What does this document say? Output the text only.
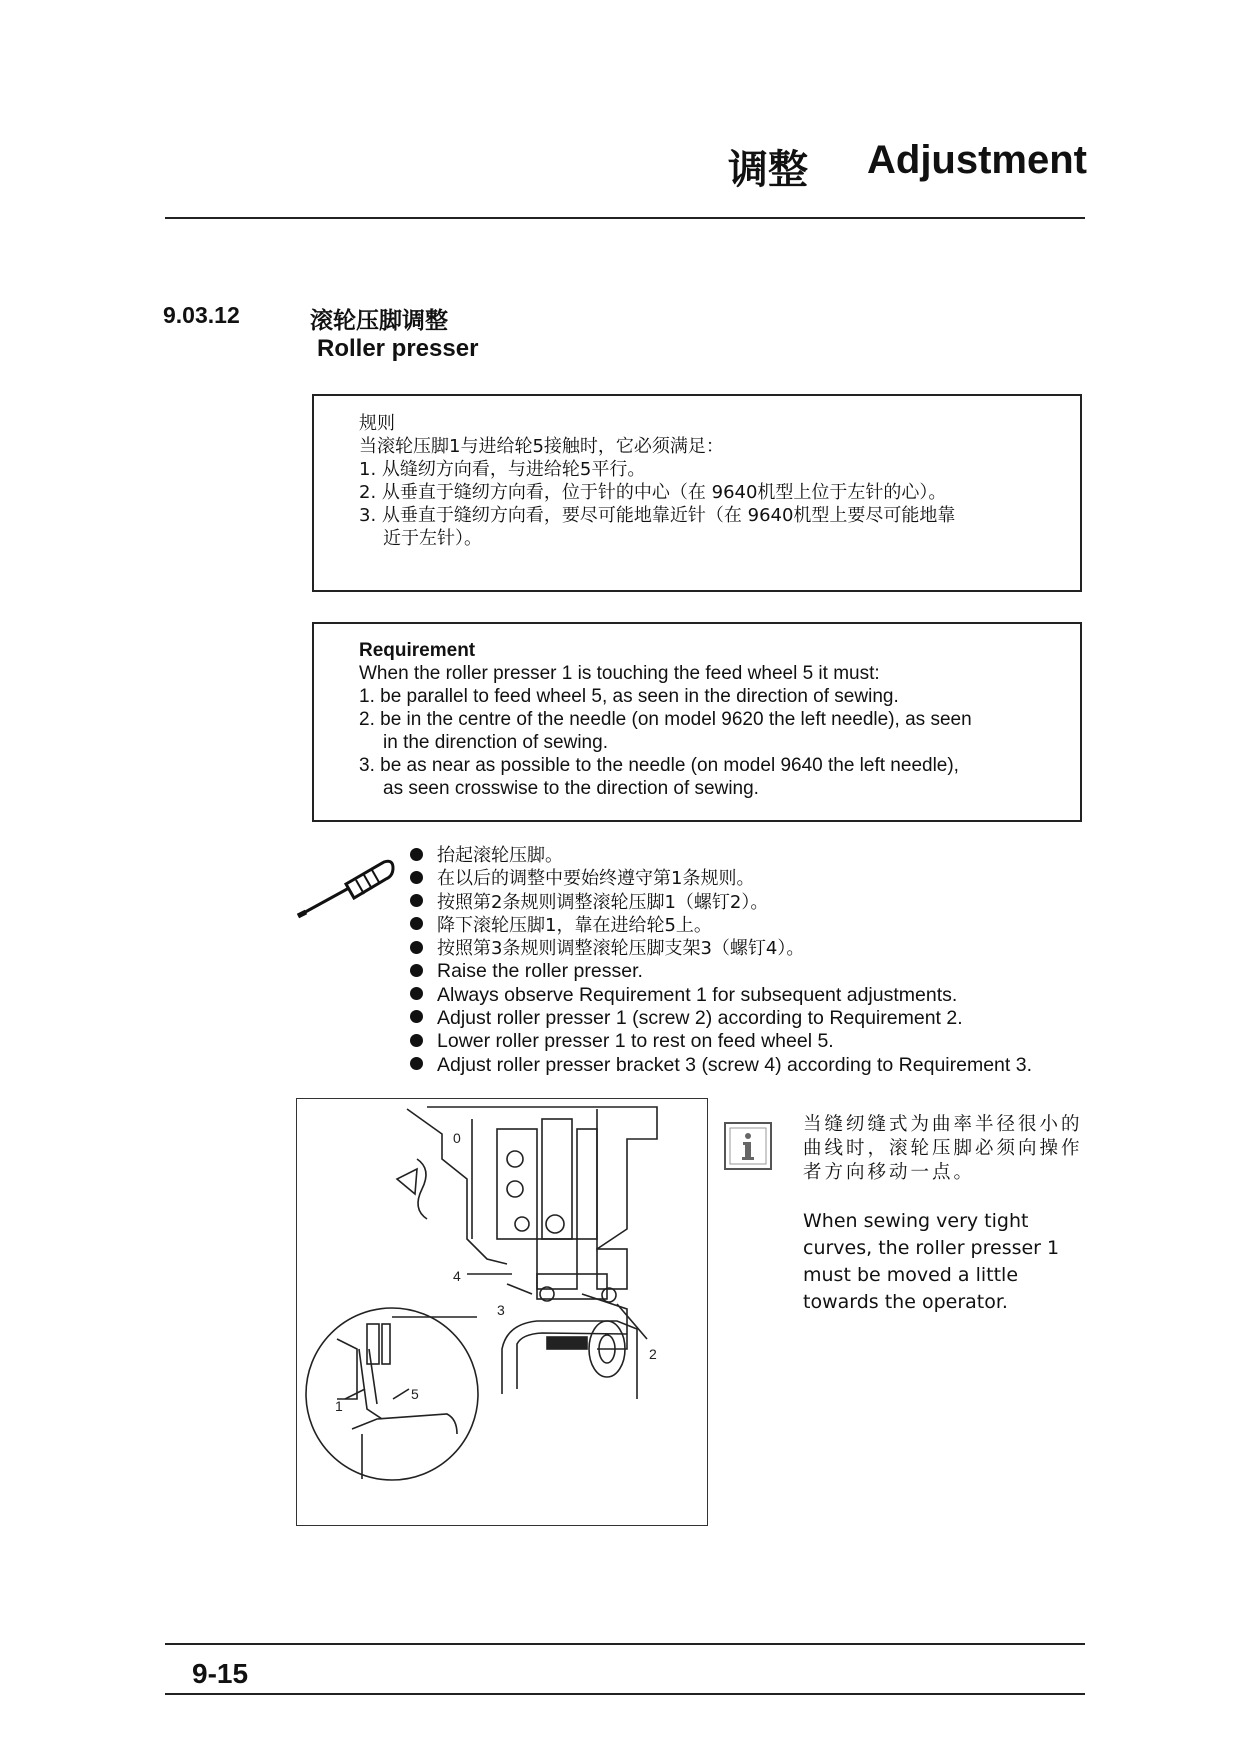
调整 Adjustment
9.03.12	滚轮压脚调整
Roller presser
规则
当滚轮压脚1与进给轮5接触时，它必须满足：
1. 从缝纫方向看，与进给轮5平行。
2. 从垂直于缝纫方向看，位于针的中心（在 9640机型上位于左针的心）。
3. 从垂直于缝纫方向看，要尽可能地靠近针（在 9640机型上要尽可能地靠
近于左针）。
Requirement
When the roller presser 1 is touching the feed wheel 5 it must:
1. be parallel to feed wheel 5, as seen in the direction of sewing.
2. be in the centre of the needle (on model 9620 the left needle), as seen
in the direnction of sewing.
3. be as near as possible to the needle (on model 9640 the left needle),
as seen crosswise to the direction of sewing.
抬起滚轮压脚。
在以后的调整中要始终遵守第1条规则。
按照第2条规则调整滚轮压脚1（螺钉2）。
降下滚轮压脚1，靠在进给轮5上。
按照第3条规则调整滚轮压脚支架3（螺钉4）。
Raise the roller presser.
Always observe Requirement 1 for subsequent adjustments.
Adjust roller presser 1 (screw 2) according to Requirement 2.
Lower roller presser 1 to rest on feed wheel 5.
Adjust roller presser bracket 3 (screw 4) according to Requirement 3.
4
3
2
1
5
0
当缝纫缝式为曲率半径很小的曲线时，滚轮压脚必须向操作者方向移动一点。
When sewing very tight
curves, the roller presser 1
must be moved a little
towards the operator.
9-15
